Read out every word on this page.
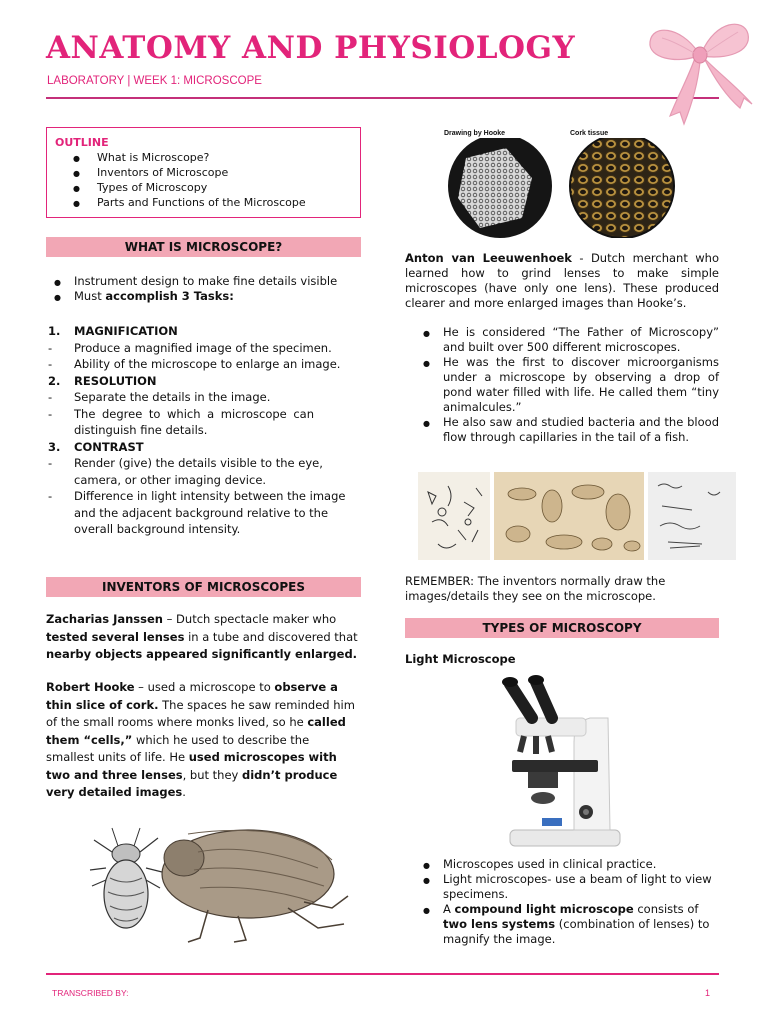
ANATOMY AND PHYSIOLOGY
LABORATORY | WEEK 1: MICROSCOPE
OUTLINE
● What is Microscope?
● Inventors of Microscope
● Types of Microscopy
● Parts and Functions of the Microscope
WHAT IS MICROSCOPE?
● Instrument design to make fine details visible
● Must accomplish 3 Tasks:
1.	MAGNIFICATION
-	Produce a magnified image of the specimen.
-	Ability of the microscope to enlarge an image.
2.	RESOLUTION
-	Separate the details in the image.
-	The degree to which a microscope can distinguish fine details.
3.	CONTRAST
-	Render (give) the details visible to the eye, camera, or other imaging device.
-	Difference in light intensity between the image and the adjacent background relative to the overall background intensity.
INVENTORS OF MICROSCOPES
Zacharias Janssen – Dutch spectacle maker who tested several lenses in a tube and discovered that nearby objects appeared significantly enlarged.
Robert Hooke – used a microscope to observe a thin slice of cork. The spaces he saw reminded him of the small rooms where monks lived, so he called them “cells,” which he used to describe the smallest units of life. He used microscopes with two and three lenses, but they didn’t produce very detailed images.
Drawing by Hooke	Cork tissue
Anton van Leeuwenhoek - Dutch merchant who learned how to grind lenses to make simple microscopes (have only one lens). These produced clearer and more enlarged images than Hooke’s.
● He is considered “The Father of Microscopy” and built over 500 different microscopes.
● He was the first to discover microorganisms under a microscope by observing a drop of pond water filled with life. He called them “tiny animalcules.”
● He also saw and studied bacteria and the blood flow through capillaries in the tail of a fish.
REMEMBER: The inventors normally draw the images/details they see on the microscope.
TYPES OF MICROSCOPY
Light Microscope
● Microscopes used in clinical practice.
● Light microscopes- use a beam of light to view specimens.
● A compound light microscope consists of two lens systems (combination of lenses) to magnify the image.
TRANSCRIBED BY:	1
